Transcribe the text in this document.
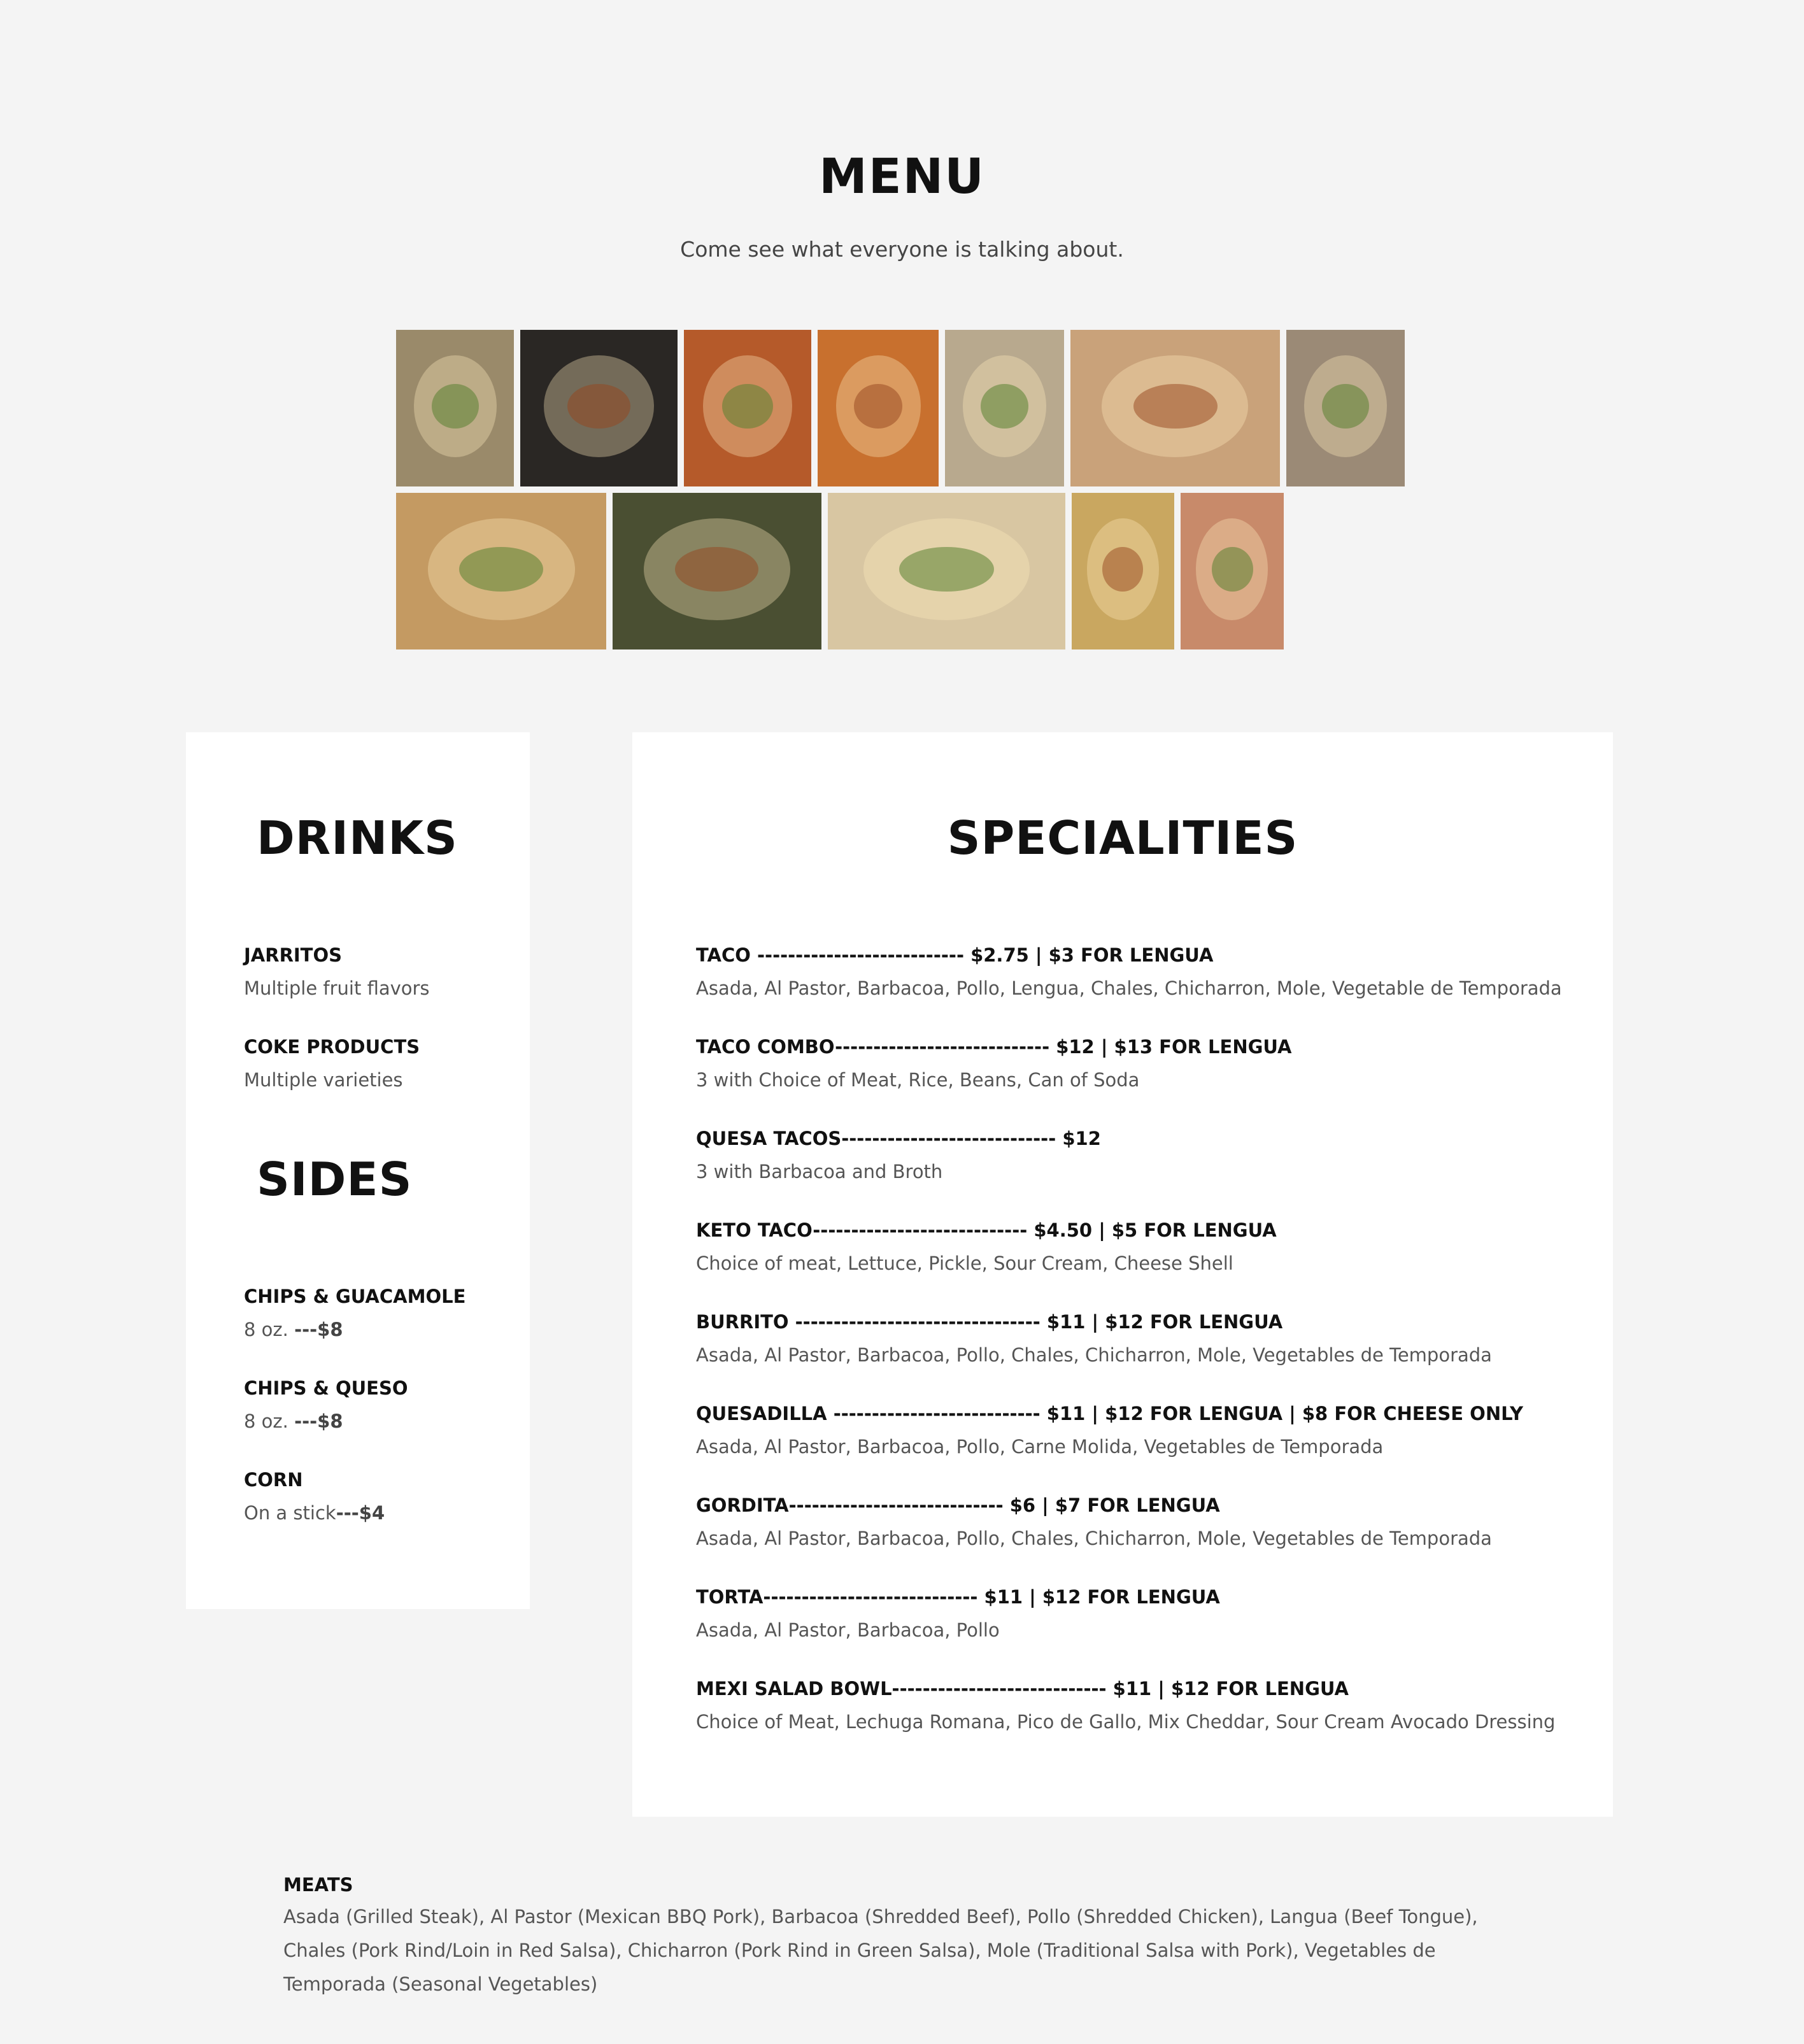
MENU

Come see what everyone is talking about.

DRINKS
JARRITOS
Multiple fruit flavors
COKE PRODUCTS
Multiple varieties
SIDES
CHIPS & GUACAMOLE
8 oz. ---$8
CHIPS & QUESO
8 oz. ---$8
CORN
On a stick---$4
SPECIALITIES
TACO --------------------------- $2.75 | $3 FOR LENGUA
Asada, Al Pastor, Barbacoa, Pollo, Lengua, Chales, Chicharron, Mole, Vegetable de Temporada
TACO COMBO---------------------------- $12 | $13 FOR LENGUA
3 with Choice of Meat, Rice, Beans, Can of Soda
QUESA TACOS---------------------------- $12
3 with Barbacoa and Broth
KETO TACO---------------------------- $4.50 | $5 FOR LENGUA
Choice of meat, Lettuce, Pickle, Sour Cream, Cheese Shell
BURRITO -------------------------------- $11 | $12 FOR LENGUA
Asada, Al Pastor, Barbacoa, Pollo, Chales, Chicharron, Mole, Vegetables de Temporada
QUESADILLA --------------------------- $11 | $12 FOR LENGUA | $8 FOR CHEESE ONLY
Asada, Al Pastor, Barbacoa, Pollo, Carne Molida, Vegetables de Temporada
GORDITA---------------------------- $6 | $7 FOR LENGUA
Asada, Al Pastor, Barbacoa, Pollo, Chales, Chicharron, Mole, Vegetables de Temporada
TORTA---------------------------- $11 | $12 FOR LENGUA
Asada, Al Pastor, Barbacoa, Pollo
MEXI SALAD BOWL---------------------------- $11 | $12 FOR LENGUA
Choice of Meat, Lechuga Romana, Pico de Gallo, Mix Cheddar, Sour Cream Avocado Dressing
MEATS
Asada (Grilled Steak), Al Pastor (Mexican BBQ Pork), Barbacoa (Shredded Beef), Pollo (Shredded Chicken), Langua (Beef Tongue), Chales (Pork Rind/Loin in Red Salsa), Chicharron (Pork Rind in Green Salsa), Mole (Traditional Salsa with Pork), Vegetables de Temporada (Seasonal Vegetables)
